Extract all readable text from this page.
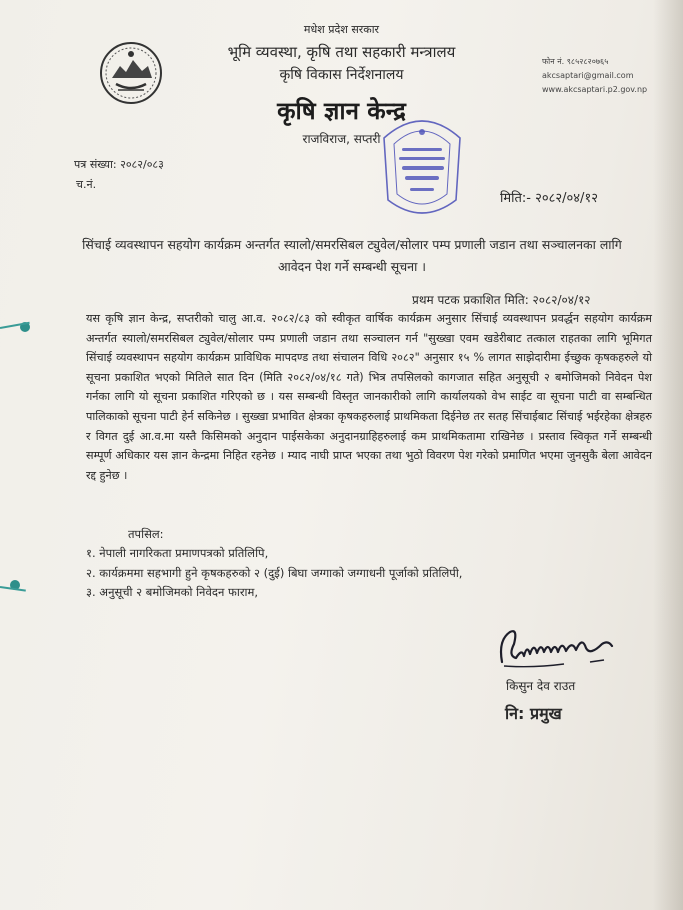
मधेश प्रदेश सरकार
भूमि व्यवस्था, कृषि तथा सहकारी मन्त्रालय
कृषि विकास निर्देशनालय
कृषि ज्ञान केन्द्र
राजविराज, सप्तरी
फोन नं. ९८५२८२०७६५
akcsaptari@gmail.com
www.akcsaptari.p2.gov.np
पत्र संख्या: २०८२/०८३
च.नं.
मिति:- २०८२/०४/१२
सिंचाई व्यवस्थापन सहयोग कार्यक्रम अन्तर्गत स्यालो/समरसिबल ट्युवेल/सोलार पम्प प्रणाली जडान तथा सञ्चालनका लागि आवेदन पेश गर्ने सम्बन्धी सूचना ।
प्रथम पटक प्रकाशित मिति: २०८२/०४/१२
यस कृषि ज्ञान केन्द्र, सप्तरीको चालु आ.व. २०८२/८३ को स्वीकृत वार्षिक कार्यक्रम अनुसार सिंचाई व्यवस्थापन प्रवर्द्धन सहयोग कार्यक्रम अन्तर्गत स्यालो/समरसिबल ट्युवेल/सोलार पम्प प्रणाली जडान तथा सञ्चालन गर्न "सुख्खा एवम खडेरीबाट तत्काल राहतका लागि भूमिगत सिंचाई व्यवस्थापन सहयोग कार्यक्रम प्राविधिक मापदण्ड तथा संचालन विधि २०८२" अनुसार १५ % लागत साझेदारीमा ईच्छुक कृषकहरुले यो सूचना प्रकाशित भएको मितिले सात दिन (मिति २०८२/०४/१८ गते) भित्र तपसिलको कागजात सहित अनुसूची २ बमोजिमको निवेदन पेश गर्नका लागि यो सूचना प्रकाशित गरिएको छ । यस सम्बन्धी विस्तृत जानकारीको लागि कार्यालयको वेभ साईट वा सूचना पाटी वा सम्बन्धित पालिकाको सूचना पाटी हेर्न सकिनेछ । सुख्खा प्रभावित क्षेत्रका कृषकहरुलाई प्राथमिकता दिईनेछ तर सतह सिंचाईबाट सिंचाई भईरहेका क्षेत्रहरु र विगत दुई आ.व.मा यस्तै किसिमको अनुदान पाईसकेका अनुदानग्राहिहरुलाई कम प्राथमिकतामा राखिनेछ । प्रस्ताव स्विकृत गर्ने सम्बन्धी सम्पूर्ण अधिकार यस ज्ञान केन्द्रमा निहित रहनेछ । म्याद नाघी प्राप्त भएका तथा भुठो विवरण पेश गरेको प्रमाणित भएमा जुनसुकै बेला आवेदन रद्द हुनेछ ।
तपसिल:
१. नेपाली नागरिकता प्रमाणपत्रको प्रतिलिपि,
२. कार्यक्रममा सहभागी हुने कृषकहरुको २ (दुई) बिघा जग्गाको जग्गाधनी पूर्जाको प्रतिलिपी,
३. अनुसूची २ बमोजिमको निवेदन फाराम,
किसुन देव राउत
नि: प्रमुख
